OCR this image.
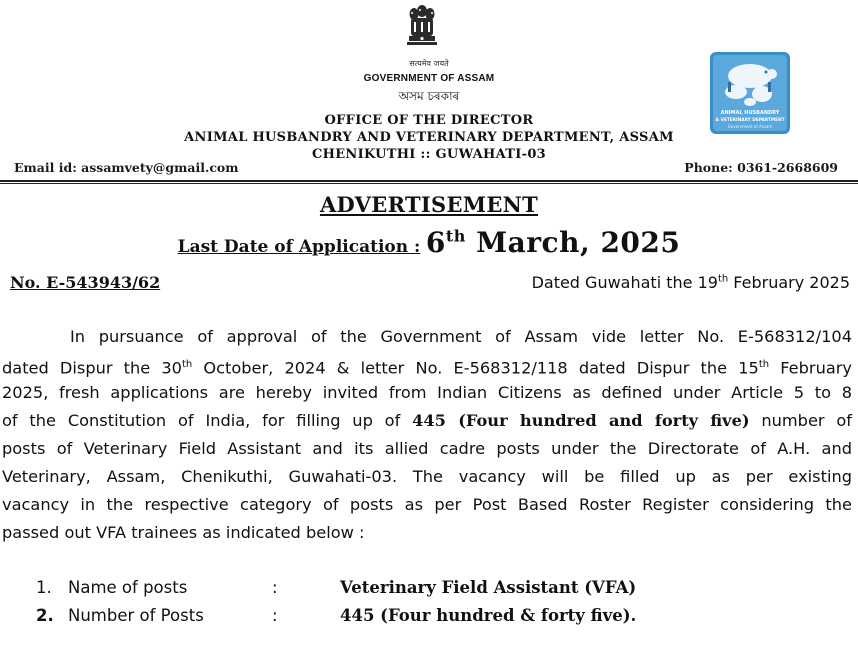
सत्यमेव जयते
GOVERNMENT OF ASSAM
অসম চৰকাৰ
OFFICE OF THE DIRECTOR
ANIMAL HUSBANDRY AND VETERINARY DEPARTMENT, ASSAM
CHENIKUTHI :: GUWAHATI-03
Email id: assamvety@gmail.com	Phone: 0361-2668609
ANIMAL HUSBANDRY
& VETERINARY DEPARTMENT
Government of Assam
ADVERTISEMENT
Last Date of Application : 6th March, 2025
No. E-543943/62	Dated Guwahati the 19th February 2025
In pursuance of approval of the Government of Assam vide letter No. E-568312/104
dated Dispur the 30th October, 2024 & letter No. E-568312/118 dated Dispur the 15th February
2025, fresh applications are hereby invited from Indian Citizens as defined under Article 5 to 8
of the Constitution of India, for filling up of 445 (Four hundred and forty five) number of
posts of Veterinary Field Assistant and its allied cadre posts under the Directorate of A.H. and
Veterinary, Assam, Chenikuthi, Guwahati-03. The vacancy will be filled up as per existing
vacancy in the respective category of posts as per Post Based Roster Register considering the
passed out VFA trainees as indicated below :
1. Name of posts	:	Veterinary Field Assistant (VFA)
2. Number of Posts	:	445 (Four hundred & forty five).
